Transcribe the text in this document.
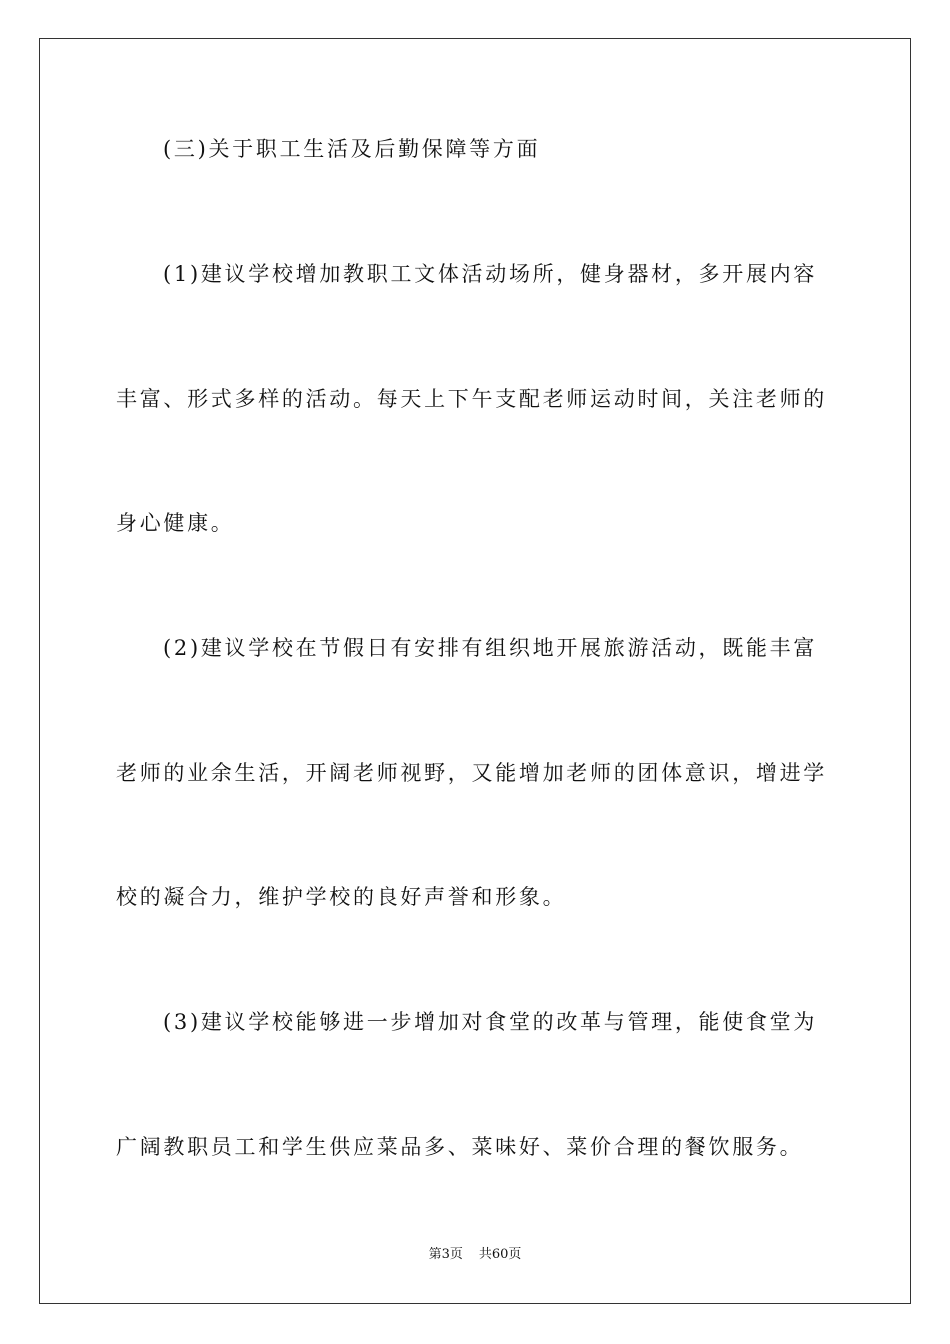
(三)关于职工生活及后勤保障等方面
(1)建议学校增加教职工文体活动场所，健身器材，多开展内容
丰富、形式多样的活动。每天上下午支配老师运动时间，关注老师的
身心健康。
(2)建议学校在节假日有安排有组织地开展旅游活动，既能丰富
老师的业余生活，开阔老师视野，又能增加老师的团体意识，增进学
校的凝合力，维护学校的良好声誉和形象。
(3)建议学校能够进一步增加对食堂的改革与管理，能使食堂为
广阔教职员工和学生供应菜品多、菜味好、菜价合理的餐饮服务。
第3页 共60页
